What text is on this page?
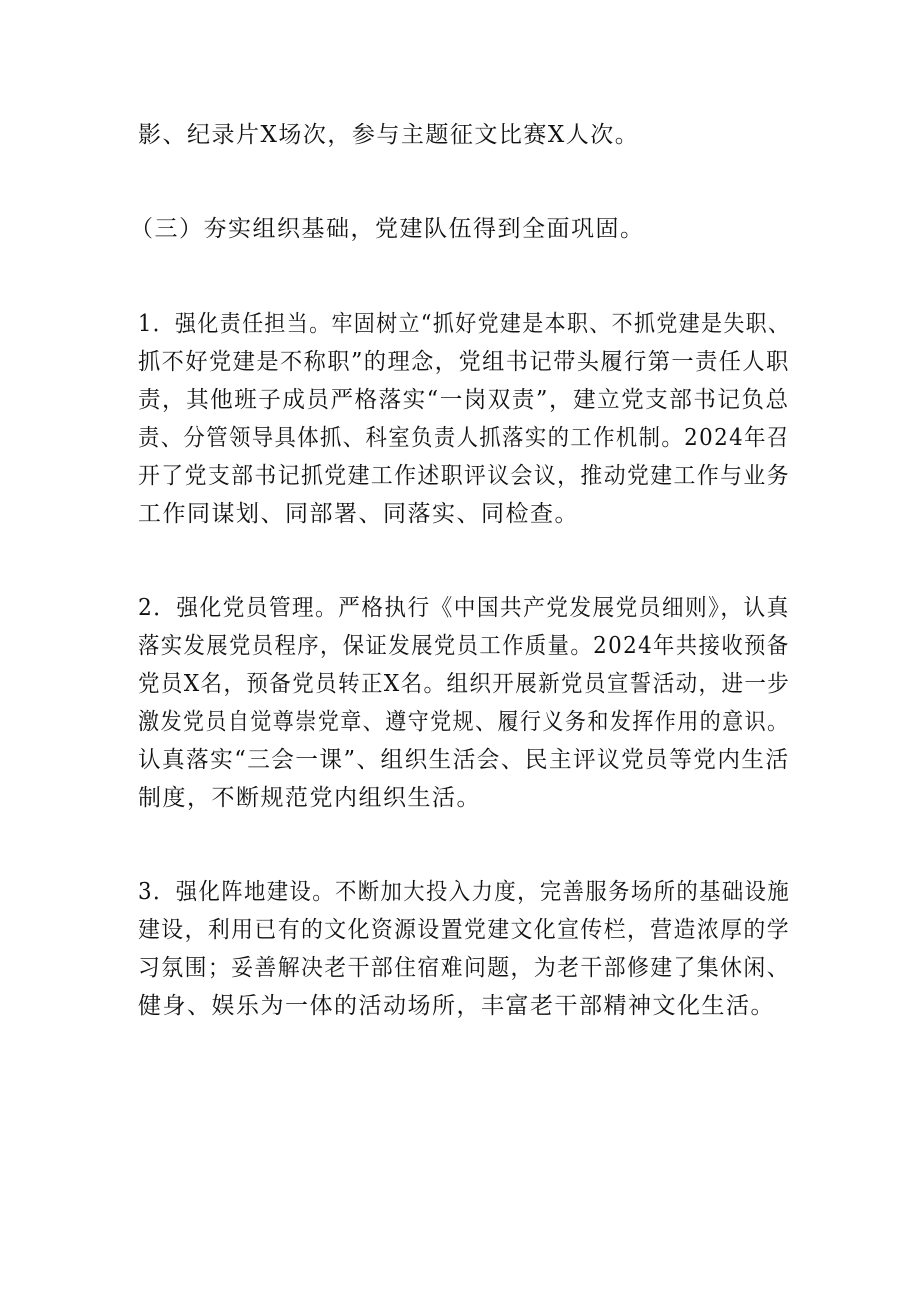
影、纪录片X场次，参与主题征文比赛X人次。
（三）夯实组织基础，党建队伍得到全面巩固。
1．强化责任担当。牢固树立“抓好党建是本职、不抓党建是失职、
抓不好党建是不称职”的理念，党组书记带头履行第一责任人职
责，其他班子成员严格落实“一岗双责”，建立党支部书记负总
责、分管领导具体抓、科室负责人抓落实的工作机制。2024年召
开了党支部书记抓党建工作述职评议会议，推动党建工作与业务
工作同谋划、同部署、同落实、同检查。
2．强化党员管理。严格执行《中国共产党发展党员细则》，认真
落实发展党员程序，保证发展党员工作质量。2024年共接收预备
党员X名，预备党员转正X名。组织开展新党员宣誓活动，进一步
激发党员自觉尊崇党章、遵守党规、履行义务和发挥作用的意识。
认真落实“三会一课”、组织生活会、民主评议党员等党内生活
制度，不断规范党内组织生活。
3．强化阵地建设。不断加大投入力度，完善服务场所的基础设施
建设，利用已有的文化资源设置党建文化宣传栏，营造浓厚的学
习氛围；妥善解决老干部住宿难问题，为老干部修建了集休闲、
健身、娱乐为一体的活动场所，丰富老干部精神文化生活。
